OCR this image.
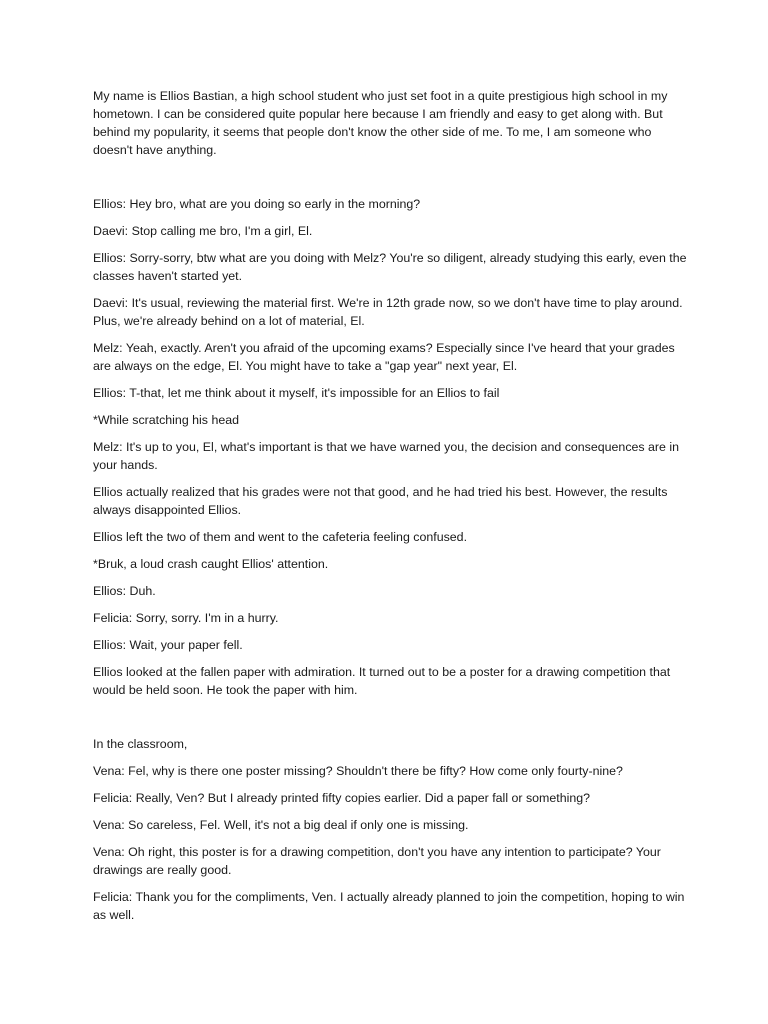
My name is Ellios Bastian, a high school student who just set foot in a quite prestigious high school in my hometown. I can be considered quite popular here because I am friendly and easy to get along with. But behind my popularity, it seems that people don't know the other side of me. To me, I am someone who doesn't have anything.

Ellios: Hey bro, what are you doing so early in the morning?

Daevi: Stop calling me bro, I'm a girl, El.

Ellios: Sorry-sorry, btw what are you doing with Melz? You're so diligent, already studying this early, even the classes haven't started yet.

Daevi: It's usual, reviewing the material first. We're in 12th grade now, so we don't have time to play around. Plus, we're already behind on a lot of material, El.

Melz: Yeah, exactly. Aren't you afraid of the upcoming exams? Especially since I've heard that your grades are always on the edge, El. You might have to take a "gap year" next year, El.

Ellios: T-that, let me think about it myself, it's impossible for an Ellios to fail

*While scratching his head

Melz: It's up to you, El, what's important is that we have warned you, the decision and consequences are in your hands.

Ellios actually realized that his grades were not that good, and he had tried his best. However, the results always disappointed Ellios.

Ellios left the two of them and went to the cafeteria feeling confused.

*Bruk, a loud crash caught Ellios' attention.

Ellios: Duh.

Felicia: Sorry, sorry. I'm in a hurry.

Ellios: Wait, your paper fell.

Ellios looked at the fallen paper with admiration. It turned out to be a poster for a drawing competition that would be held soon. He took the paper with him.

In the classroom,

Vena: Fel, why is there one poster missing? Shouldn't there be fifty? How come only fourty-nine?

Felicia: Really, Ven? But I already printed fifty copies earlier. Did a paper fall or something?

Vena: So careless, Fel. Well, it's not a big deal if only one is missing.

Vena: Oh right, this poster is for a drawing competition, don't you have any intention to participate? Your drawings are really good.

Felicia: Thank you for the compliments, Ven. I actually already planned to join the competition, hoping to win as well.
